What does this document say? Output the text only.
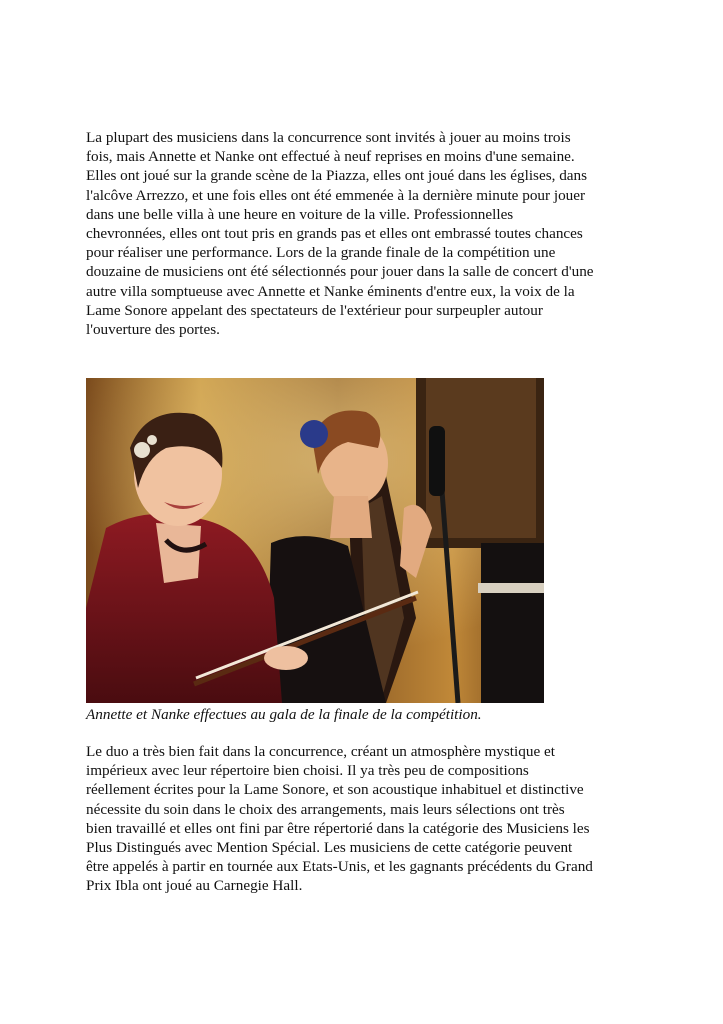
La plupart des musiciens dans la concurrence sont invités à jouer au moins trois
fois, mais Annette et Nanke ont effectué à neuf reprises en moins d'une semaine.
Elles ont joué sur la grande scène de la Piazza, elles ont joué dans les églises, dans
l'alcôve Arrezzo, et une fois elles ont été emmenée à la dernière minute pour jouer
dans une belle villa à une heure en voiture de la ville. Professionnelles
chevronnées, elles ont tout pris en grands pas et elles ont embrassé toutes chances
pour réaliser une performance. Lors de la grande finale de la compétition une
douzaine de musiciens ont été sélectionnés pour jouer dans la salle de concert d'une
autre villa somptueuse avec Annette et Nanke éminents d'entre eux, la voix de la
Lame Sonore appelant des spectateurs de l'extérieur pour surpeupler autour
l'ouverture des portes.

Annette et Nanke effectues au gala de la finale de la compétition.

Le duo a très bien fait dans la concurrence, créant un atmosphère mystique et
impérieux avec leur répertoire bien choisi. Il ya très peu de compositions
réellement écrites pour la Lame Sonore, et son acoustique inhabituel et distinctive
nécessite du soin dans le choix des arrangements, mais leurs sélections ont très
bien travaillé et elles ont fini par être répertorié dans la catégorie des Musiciens les
Plus Distingués avec Mention Spécial. Les musiciens de cette catégorie peuvent
être appelés à partir en tournée aux Etats-Unis, et les gagnants précédents du Grand
Prix Ibla ont joué au Carnegie Hall.
